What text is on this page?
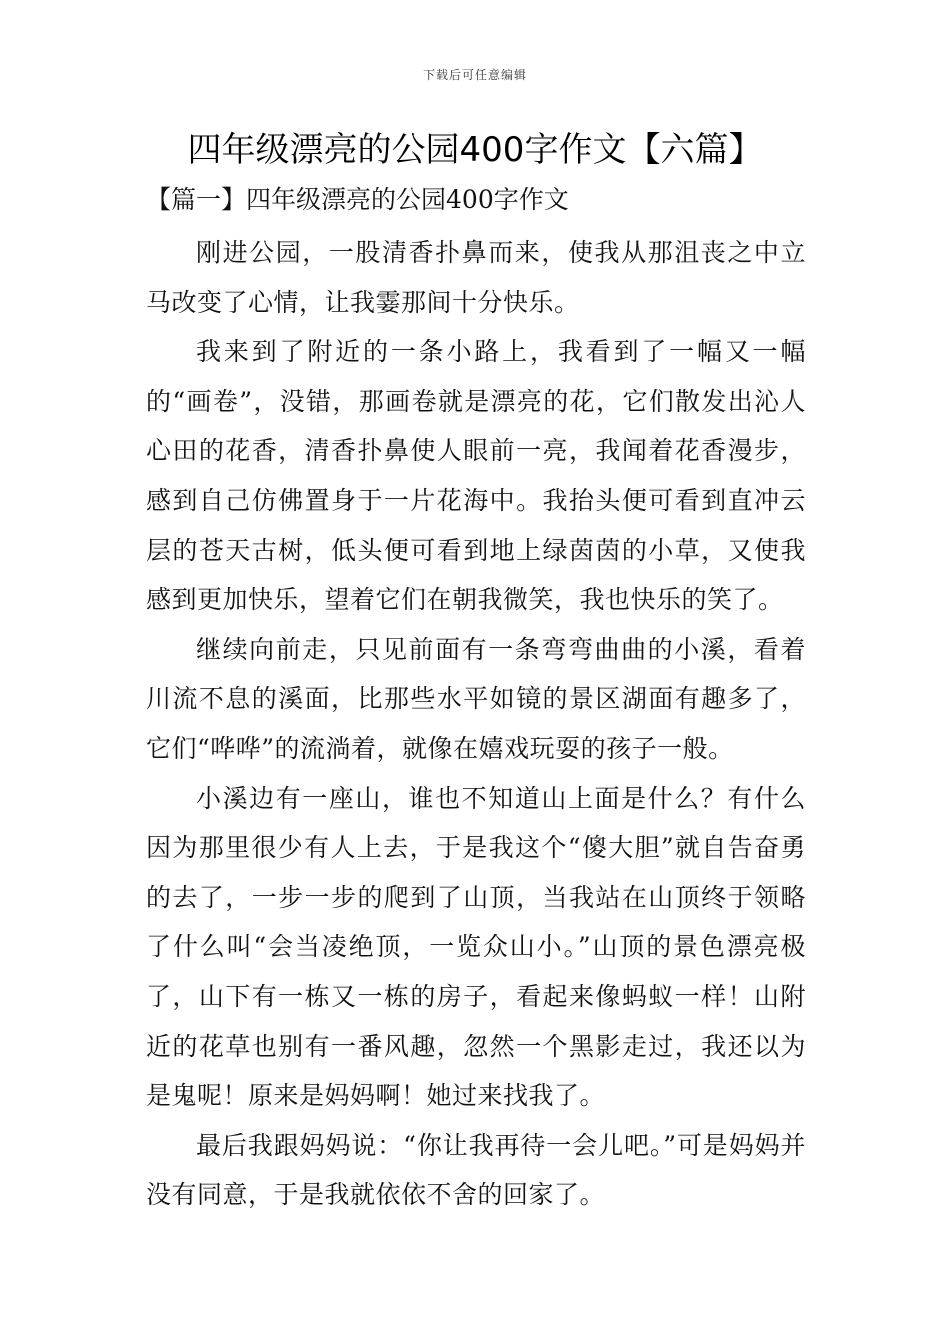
下载后可任意编辑
四年级漂亮的公园400字作文【六篇】
【篇一】四年级漂亮的公园400字作文

刚进公园，一股清香扑鼻而来，使我从那沮丧之中立马改变了心情，让我霎那间十分快乐。

我来到了附近的一条小路上，我看到了一幅又一幅的“画卷”，没错，那画卷就是漂亮的花，它们散发出沁人心田的花香，清香扑鼻使人眼前一亮，我闻着花香漫步，感到自己仿佛置身于一片花海中。我抬头便可看到直冲云层的苍天古树，低头便可看到地上绿茵茵的小草，又使我感到更加快乐，望着它们在朝我微笑，我也快乐的笑了。

继续向前走，只见前面有一条弯弯曲曲的小溪，看着川流不息的溪面，比那些水平如镜的景区湖面有趣多了，它们“哗哗”的流淌着，就像在嬉戏玩耍的孩子一般。

小溪边有一座山，谁也不知道山上面是什么？有什么因为那里很少有人上去，于是我这个“傻大胆”就自告奋勇的去了，一步一步的爬到了山顶，当我站在山顶终于领略了什么叫“会当凌绝顶，一览众山小。”山顶的景色漂亮极了，山下有一栋又一栋的房子，看起来像蚂蚁一样！山附近的花草也别有一番风趣，忽然一个黑影走过，我还以为是鬼呢！原来是妈妈啊！她过来找我了。

最后我跟妈妈说：“你让我再待一会儿吧。”可是妈妈并没有同意，于是我就依依不舍的回家了。
